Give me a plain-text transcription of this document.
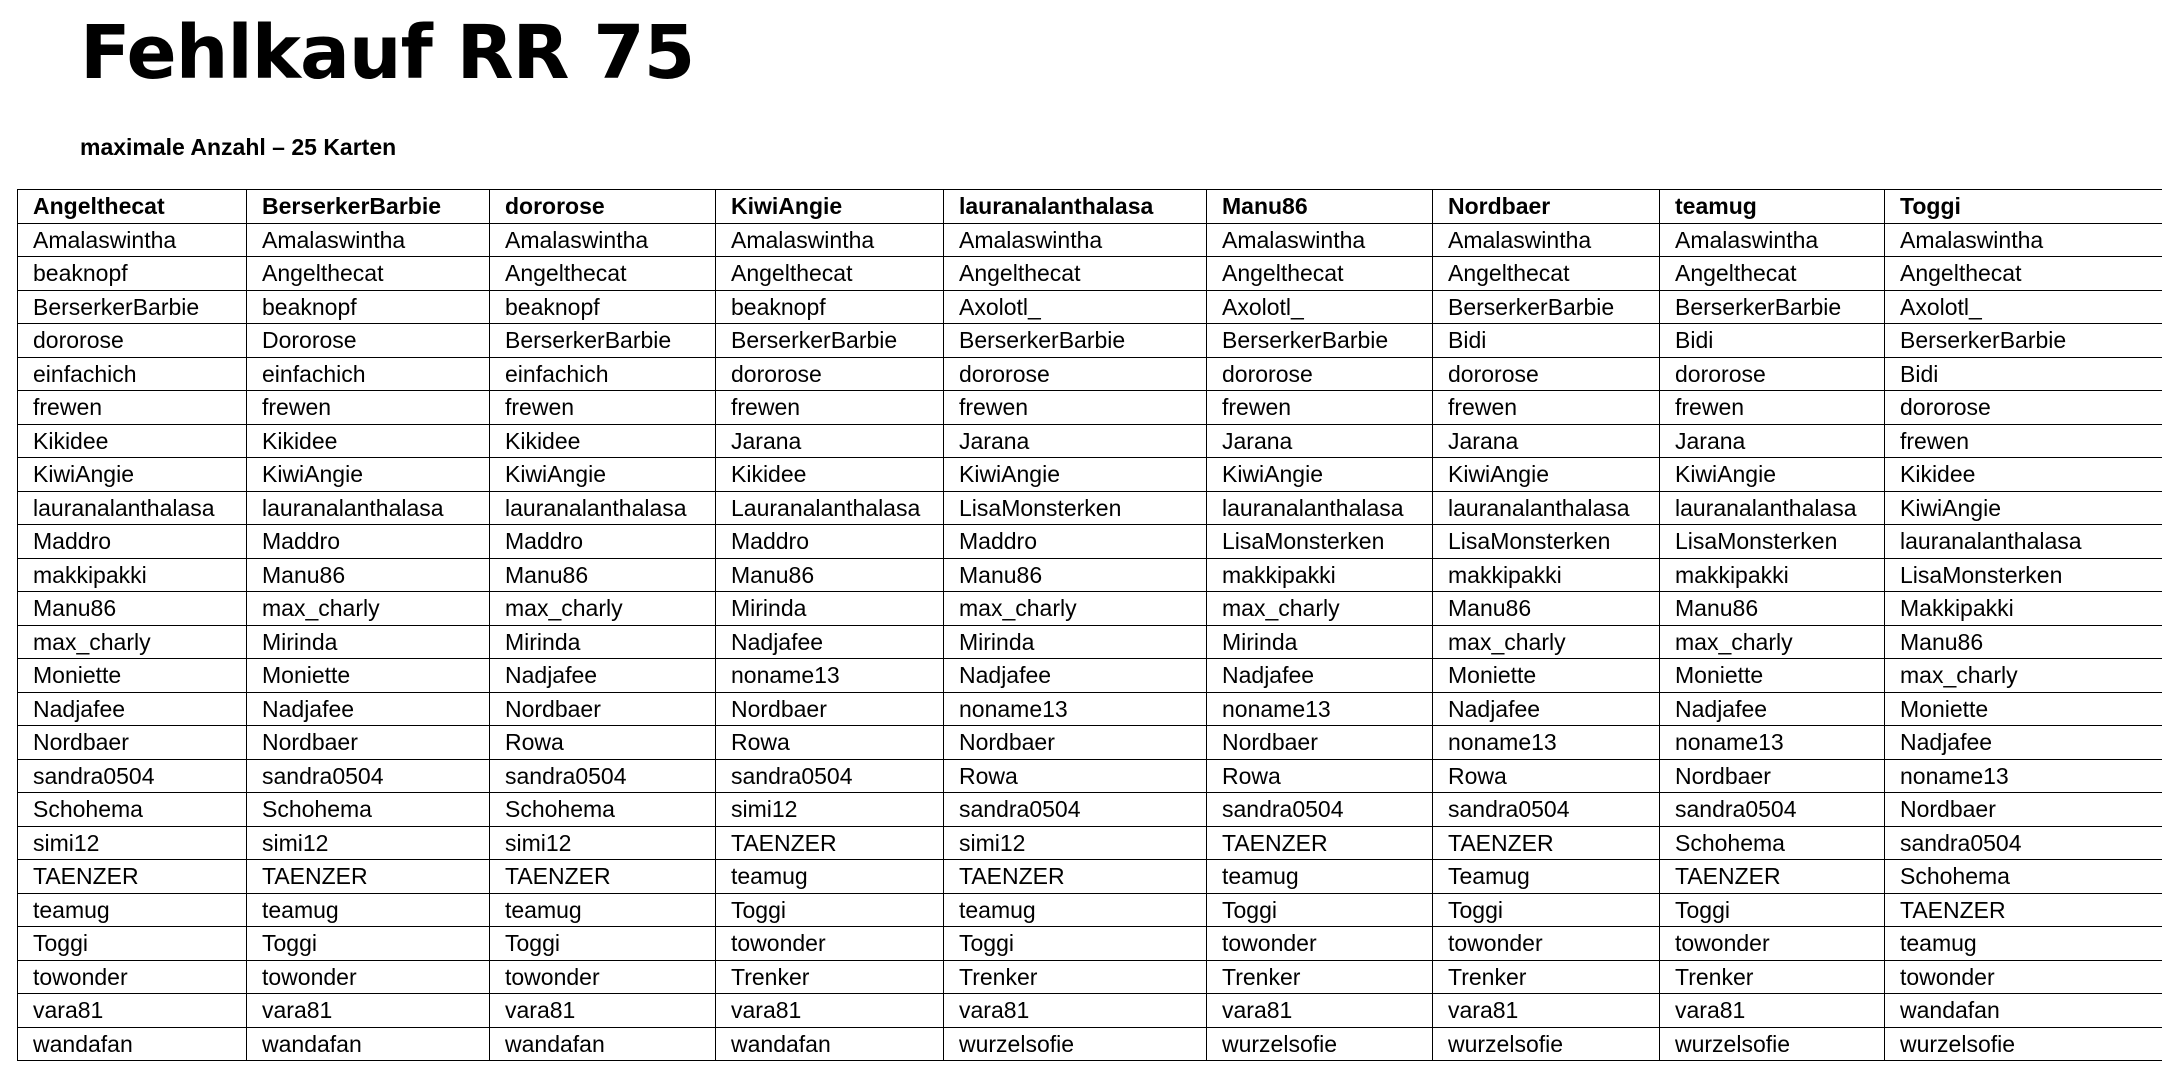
Fehlkauf RR 75
maximale Anzahl – 25 Karten
Angelthecat	BerserkerBarbie	dororose	KiwiAngie	lauranalanthalasa	Manu86	Nordbaer	teamug	Toggi
Amalaswintha	Amalaswintha	Amalaswintha	Amalaswintha	Amalaswintha	Amalaswintha	Amalaswintha	Amalaswintha	Amalaswintha
beaknopf	Angelthecat	Angelthecat	Angelthecat	Angelthecat	Angelthecat	Angelthecat	Angelthecat	Angelthecat
BerserkerBarbie	beaknopf	beaknopf	beaknopf	Axolotl_	Axolotl_	BerserkerBarbie	BerserkerBarbie	Axolotl_
dororose	Dororose	BerserkerBarbie	BerserkerBarbie	BerserkerBarbie	BerserkerBarbie	Bidi	Bidi	BerserkerBarbie
einfachich	einfachich	einfachich	dororose	dororose	dororose	dororose	dororose	Bidi
frewen	frewen	frewen	frewen	frewen	frewen	frewen	frewen	dororose
Kikidee	Kikidee	Kikidee	Jarana	Jarana	Jarana	Jarana	Jarana	frewen
KiwiAngie	KiwiAngie	KiwiAngie	Kikidee	KiwiAngie	KiwiAngie	KiwiAngie	KiwiAngie	Kikidee
lauranalanthalasa	lauranalanthalasa	lauranalanthalasa	Lauranalanthalasa	LisaMonsterken	lauranalanthalasa	lauranalanthalasa	lauranalanthalasa	KiwiAngie
Maddro	Maddro	Maddro	Maddro	Maddro	LisaMonsterken	LisaMonsterken	LisaMonsterken	lauranalanthalasa
makkipakki	Manu86	Manu86	Manu86	Manu86	makkipakki	makkipakki	makkipakki	LisaMonsterken
Manu86	max_charly	max_charly	Mirinda	max_charly	max_charly	Manu86	Manu86	Makkipakki
max_charly	Mirinda	Mirinda	Nadjafee	Mirinda	Mirinda	max_charly	max_charly	Manu86
Moniette	Moniette	Nadjafee	noname13	Nadjafee	Nadjafee	Moniette	Moniette	max_charly
Nadjafee	Nadjafee	Nordbaer	Nordbaer	noname13	noname13	Nadjafee	Nadjafee	Moniette
Nordbaer	Nordbaer	Rowa	Rowa	Nordbaer	Nordbaer	noname13	noname13	Nadjafee
sandra0504	sandra0504	sandra0504	sandra0504	Rowa	Rowa	Rowa	Nordbaer	noname13
Schohema	Schohema	Schohema	simi12	sandra0504	sandra0504	sandra0504	sandra0504	Nordbaer
simi12	simi12	simi12	TAENZER	simi12	TAENZER	TAENZER	Schohema	sandra0504
TAENZER	TAENZER	TAENZER	teamug	TAENZER	teamug	Teamug	TAENZER	Schohema
teamug	teamug	teamug	Toggi	teamug	Toggi	Toggi	Toggi	TAENZER
Toggi	Toggi	Toggi	towonder	Toggi	towonder	towonder	towonder	teamug
towonder	towonder	towonder	Trenker	Trenker	Trenker	Trenker	Trenker	towonder
vara81	vara81	vara81	vara81	vara81	vara81	vara81	vara81	wandafan
wandafan	wandafan	wandafan	wandafan	wurzelsofie	wurzelsofie	wurzelsofie	wurzelsofie	wurzelsofie
